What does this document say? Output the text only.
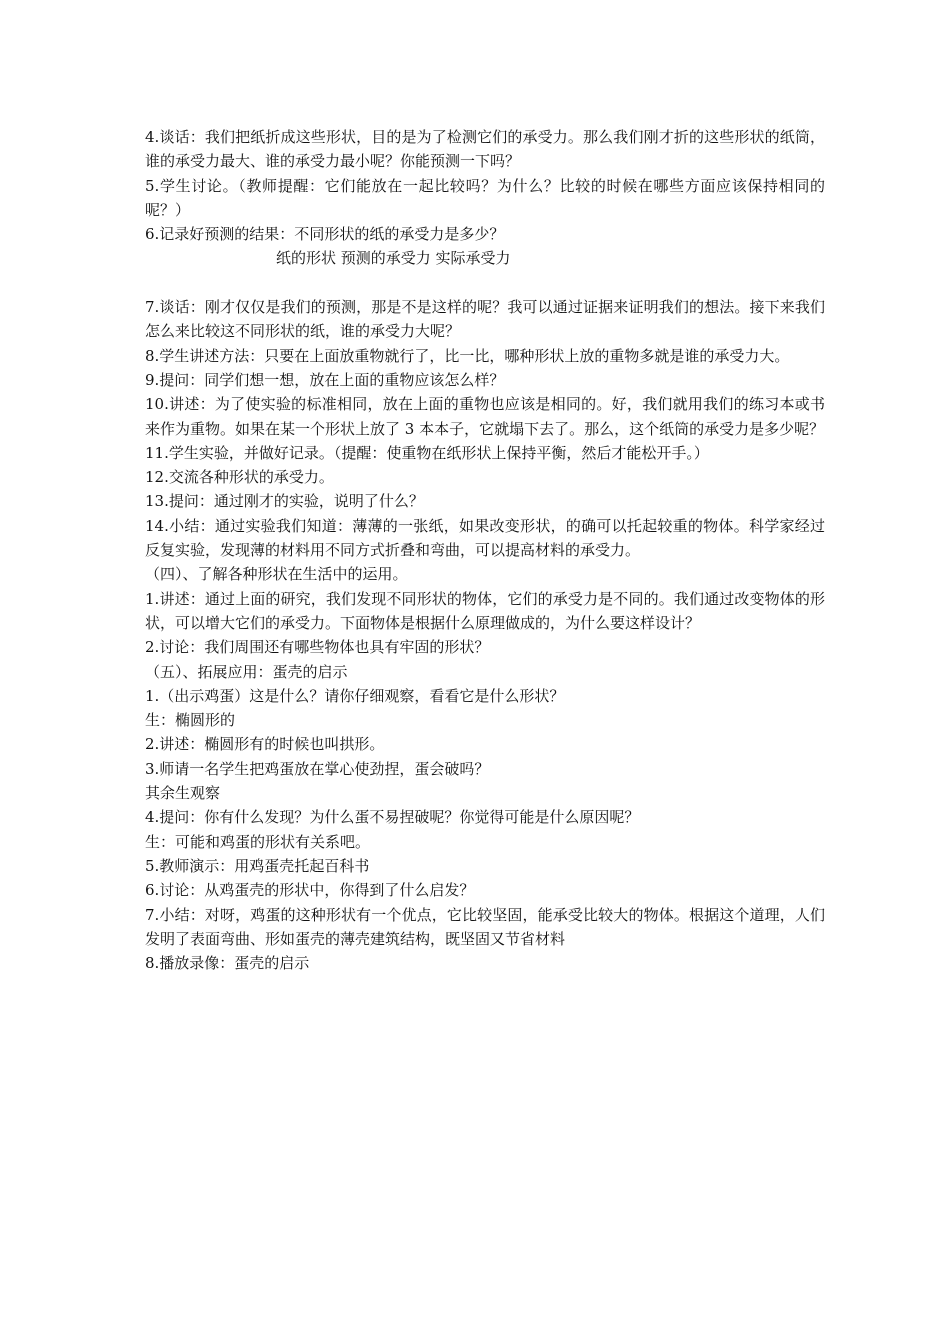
4.谈话：我们把纸折成这些形状，目的是为了检测它们的承受力。那么我们刚才折的这些形状的纸筒，谁的承受力最大、谁的承受力最小呢？你能预测一下吗？

5.学生讨论。（教师提醒：它们能放在一起比较吗？为什么？比较的时候在哪些方面应该保持相同的呢？）

6.记录好预测的结果：不同形状的纸的承受力是多少？

纸的形状 预测的承受力 实际承受力

7.谈话：刚才仅仅是我们的预测，那是不是这样的呢？我可以通过证据来证明我们的想法。接下来我们怎么来比较这不同形状的纸，谁的承受力大呢？

8.学生讲述方法：只要在上面放重物就行了，比一比，哪种形状上放的重物多就是谁的承受力大。

9.提问：同学们想一想，放在上面的重物应该怎么样？

10.讲述：为了使实验的标准相同，放在上面的重物也应该是相同的。好，我们就用我们的练习本或书来作为重物。如果在某一个形状上放了 3 本本子，它就塌下去了。那么，这个纸筒的承受力是多少呢？

11.学生实验，并做好记录。（提醒：使重物在纸形状上保持平衡，然后才能松开手。）

12.交流各种形状的承受力。

13.提问：通过刚才的实验，说明了什么？

14.小结：通过实验我们知道：薄薄的一张纸，如果改变形状，的确可以托起较重的物体。科学家经过反复实验，发现薄的材料用不同方式折叠和弯曲，可以提高材料的承受力。

（四）、了解各种形状在生活中的运用。

1.讲述：通过上面的研究，我们发现不同形状的物体，它们的承受力是不同的。我们通过改变物体的形状，可以增大它们的承受力。下面物体是根据什么原理做成的，为什么要这样设计？

2.讨论：我们周围还有哪些物体也具有牢固的形状？

（五）、拓展应用：蛋壳的启示

1.（出示鸡蛋）这是什么？请你仔细观察，看看它是什么形状？

生：椭圆形的

2.讲述：椭圆形有的时候也叫拱形。

3.师请一名学生把鸡蛋放在掌心使劲捏，蛋会破吗？

其余生观察

4.提问：你有什么发现？为什么蛋不易捏破呢？你觉得可能是什么原因呢？

生：可能和鸡蛋的形状有关系吧。

5.教师演示：用鸡蛋壳托起百科书

6.讨论：从鸡蛋壳的形状中，你得到了什么启发？

7.小结：对呀，鸡蛋的这种形状有一个优点，它比较坚固，能承受比较大的物体。根据这个道理，人们发明了表面弯曲、形如蛋壳的薄壳建筑结构，既坚固又节省材料

8.播放录像：蛋壳的启示
